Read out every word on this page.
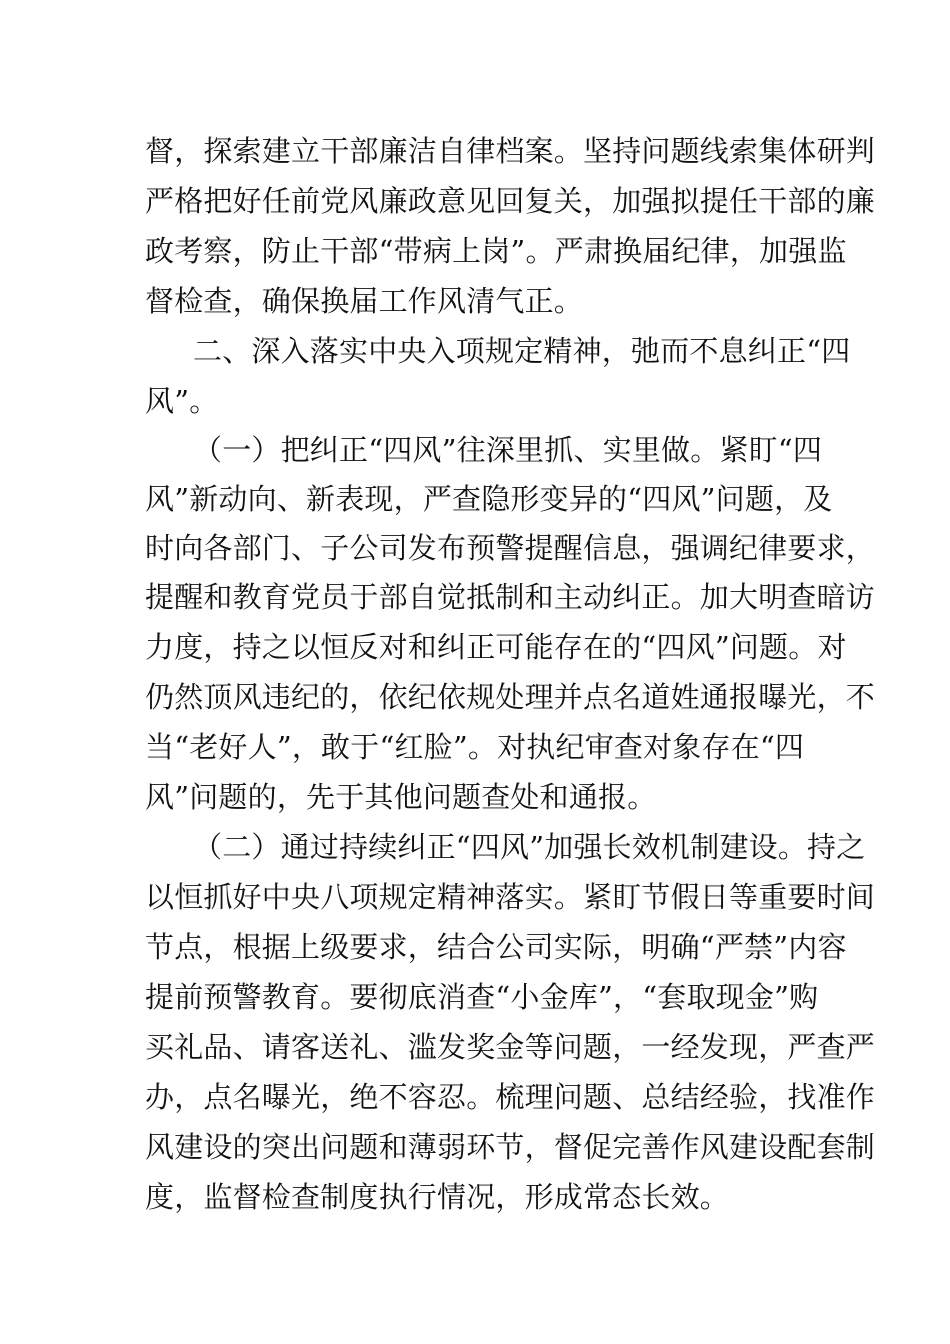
督，探索建立干部廉洁自律档案。坚持问题线索集体研判

严格把好任前党风廉政意见回复关，加强拟提任干部的廉

政考察，防止干部“带病上岗”。严肃换届纪律，加强监

督检查，确保换届工作风清气正。

二、深入落实中央入项规定精神，弛而不息纠正“四

风”。

（一）把纠正“四风”往深里抓、实里做。紧盯“四

风”新动向、新表现，严查隐形变异的“四风”问题，及

时向各部门、子公司发布预警提醒信息，强调纪律要求，

提醒和教育党员于部自觉抵制和主动纠正。加大明查暗访

力度，持之以恒反对和纠正可能存在的“四风”问题。对

仍然顶风违纪的，依纪依规处理并点名道姓通报曝光，不

当“老好人”，敢于“红脸”。对执纪审查对象存在“四

风”问题的，先于其他问题查处和通报。

（二）通过持续纠正“四风”加强长效机制建设。持之

以恒抓好中央八项规定精神落实。紧盯节假日等重要时间

节点，根据上级要求，结合公司实际，明确“严禁”内容

提前预警教育。要彻底消查“小金库”，“套取现金”购

买礼品、请客送礼、滥发奖金等问题，一经发现，严查严

办，点名曝光，绝不容忍。梳理问题、总结经验，找准作

风建设的突出问题和薄弱环节，督促完善作风建设配套制

度，监督检查制度执行情况，形成常态长效。
